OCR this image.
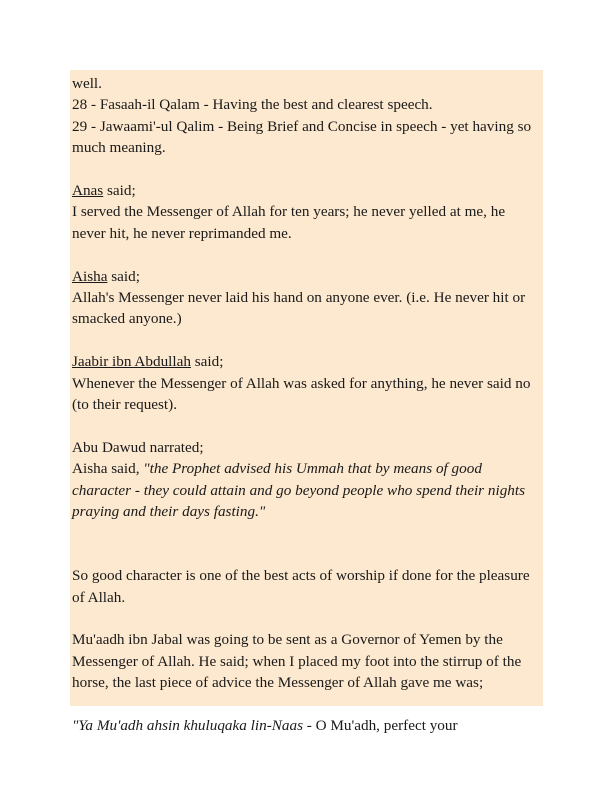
well.
28 - Fasaah-il Qalam - Having the best and clearest speech.
29 - Jawaami'-ul Qalim - Being Brief and Concise in speech - yet having so much meaning.

Anas said;
I served the Messenger of Allah for ten years; he never yelled at me, he never hit, he never reprimanded me.

Aisha said;
Allah's Messenger never laid his hand on anyone ever. (i.e. He never hit or smacked anyone.)

Jaabir ibn Abdullah said;
Whenever the Messenger of Allah was asked for anything, he never said no (to their request).

Abu Dawud narrated;
Aisha said, "the Prophet advised his Ummah that by means of good character - they could attain and go beyond people who spend their nights praying and their days fasting."

So good character is one of the best acts of worship if done for the pleasure of Allah.

Mu'aadh ibn Jabal was going to be sent as a Governor of Yemen by the Messenger of Allah. He said; when I placed my foot into the stirrup of the horse, the last piece of advice the Messenger of Allah gave me was;

"Ya Mu'adh ahsin khuluqaka lin-Naas - O Mu'adh, perfect your
